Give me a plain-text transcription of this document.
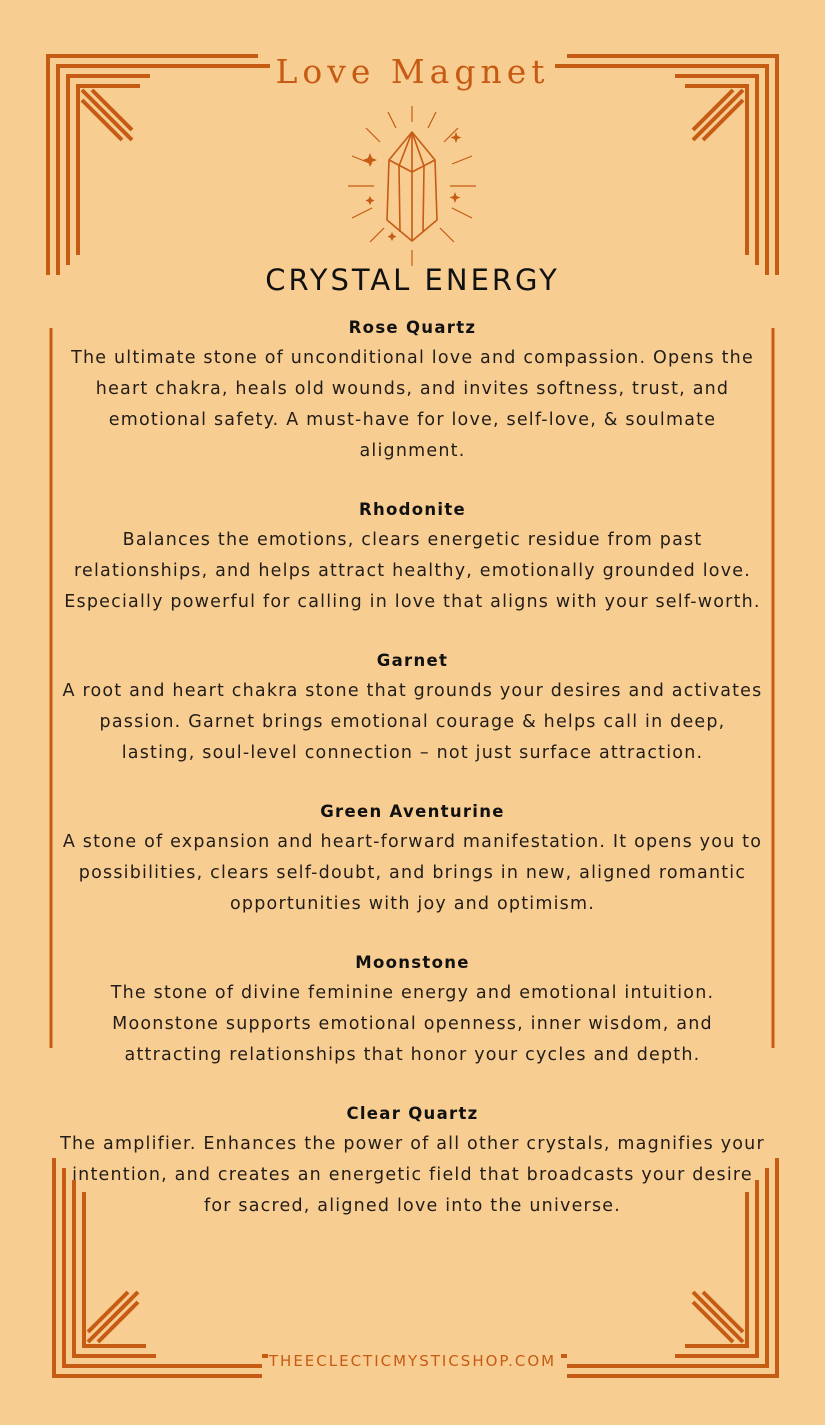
Love Magnet
CRYSTAL ENERGY
Rose Quartz

The ultimate stone of unconditional love and compassion. Opens the heart chakra, heals old wounds, and invites softness, trust, and emotional safety. A must-have for love, self-love, & soulmate alignment.

Rhodonite

Balances the emotions, clears energetic residue from past relationships, and helps attract healthy, emotionally grounded love. Especially powerful for calling in love that aligns with your self-worth.

Garnet

A root and heart chakra stone that grounds your desires and activates passion. Garnet brings emotional courage & helps call in deep, lasting, soul-level connection – not just surface attraction.

Green Aventurine

A stone of expansion and heart-forward manifestation. It opens you to possibilities, clears self-doubt, and brings in new, aligned romantic opportunities with joy and optimism.

Moonstone

The stone of divine feminine energy and emotional intuition. Moonstone supports emotional openness, inner wisdom, and attracting relationships that honor your cycles and depth.

Clear Quartz

The amplifier. Enhances the power of all other crystals, magnifies your intention, and creates an energetic field that broadcasts your desire for sacred, aligned love into the universe.

THEECLECTICMYSTICSHOP.COM
